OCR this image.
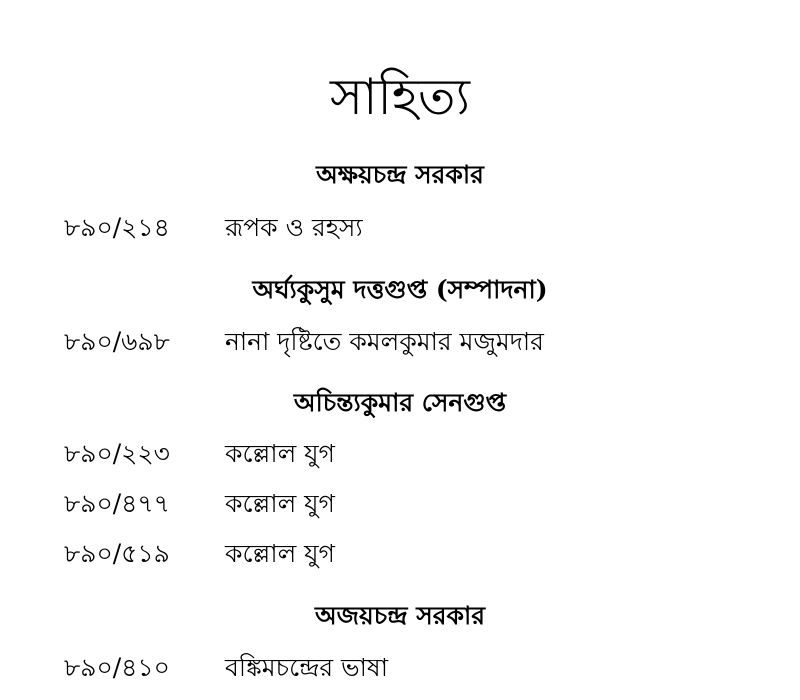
সাহিত্য
অক্ষয়চন্দ্র সরকার
৮৯০/২১৪	রূপক ও রহস্য
অর্ঘ্যকুসুম দত্তগুপ্ত (সম্পাদনা)
৮৯০/৬৯৮	নানা দৃষ্টিতে কমলকুমার মজুমদার
অচিন্ত্যকুমার সেনগুপ্ত
৮৯০/২২৩	কল্লোল যুগ
৮৯০/৪৭৭	কল্লোল যুগ
৮৯০/৫১৯	কল্লোল যুগ
অজয়চন্দ্র সরকার
৮৯০/৪১০	বঙ্কিমচন্দ্রের ভাষা
